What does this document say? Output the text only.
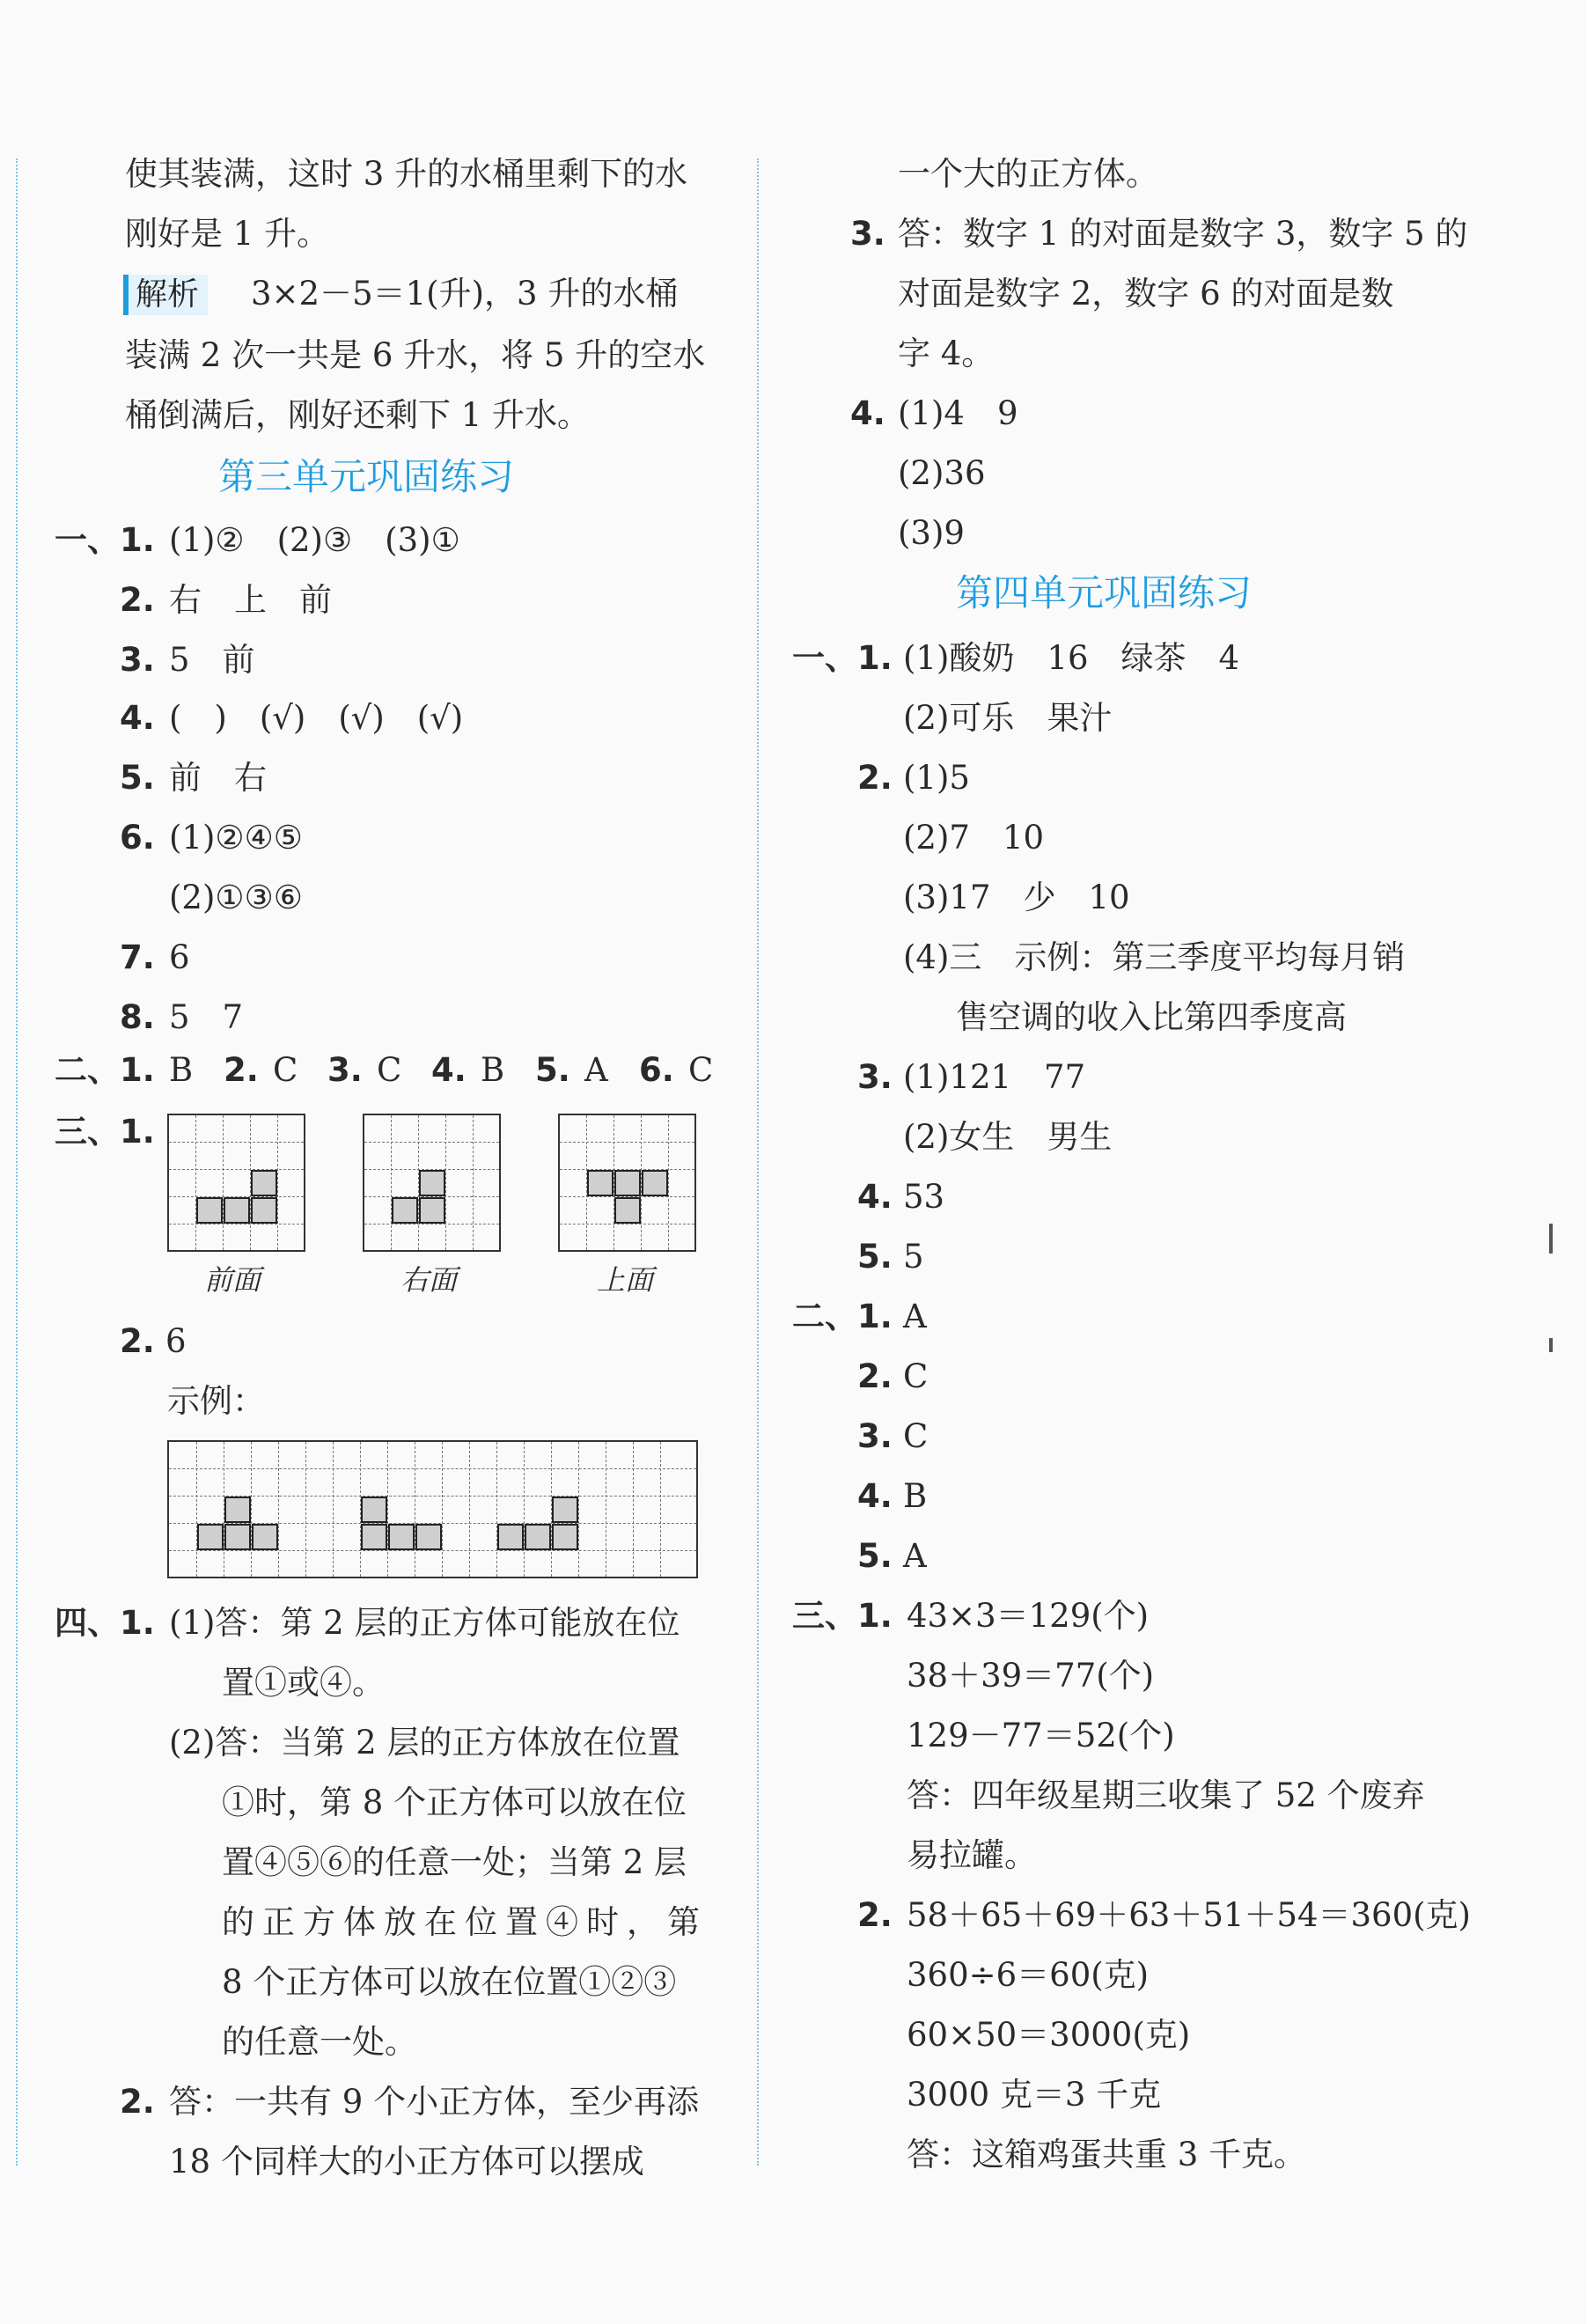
使其装满，这时 3 升的水桶里剩下的水
刚好是 1 升。
解析 3×2－5＝1(升)，3 升的水桶
装满 2 次一共是 6 升水，将 5 升的空水
桶倒满后，刚好还剩下 1 升水。
第三单元巩固练习
一、
二、
三、 1.
前面	右面	上面
2. 6
示例：
四、 1. (1)答：第 2 层的正方体可能放在位
置①或④。
(2)答：当第 2 层的正方体放在位置
①时，第 8 个正方体可以放在位
置④⑤⑥的任意一处；当第 2 层
的正方体放在位置④时，第
8 个正方体可以放在位置①②③
的任意一处。
2. 答：一共有 9 个小正方体，至少再添
18 个同样大的小正方体可以摆成
一个大的正方体。
3. 答：数字 1 的对面是数字 3，数字 5 的
对面是数字 2，数字 6 的对面是数
字 4。
4. (1)4　9
(2)36
(3)9
第四单元巩固练习
一、
二、
三、
1. (1)②　(2)③　(3)①
2. 右　上　前
3. 5　前
4. (　)　(√)　(√)　(√)
5. 前　右
6. (1)②④⑤
(2)①③⑥
7. 6
8. 5　7
1. B 2. C 3. C 4. B 5. A 6. C
1. (1)酸奶　16　绿茶　4
(2)可乐　果汁
2. (1)5
(2)7　10
(3)17　少　10
(4)三　示例：第三季度平均每月销
售空调的收入比第四季度高
3. (1)121　77
(2)女生　男生
4. 53
5. 5
1. A
2. C
3. C
4. B
5. A
1. 43×3＝129(个)
38＋39＝77(个)
129－77＝52(个)
答：四年级星期三收集了 52 个废弃
易拉罐。
2. 58＋65＋69＋63＋51＋54＝360(克)
360÷6＝60(克)
60×50＝3000(克)
3000 克＝3 千克
答：这箱鸡蛋共重 3 千克。
